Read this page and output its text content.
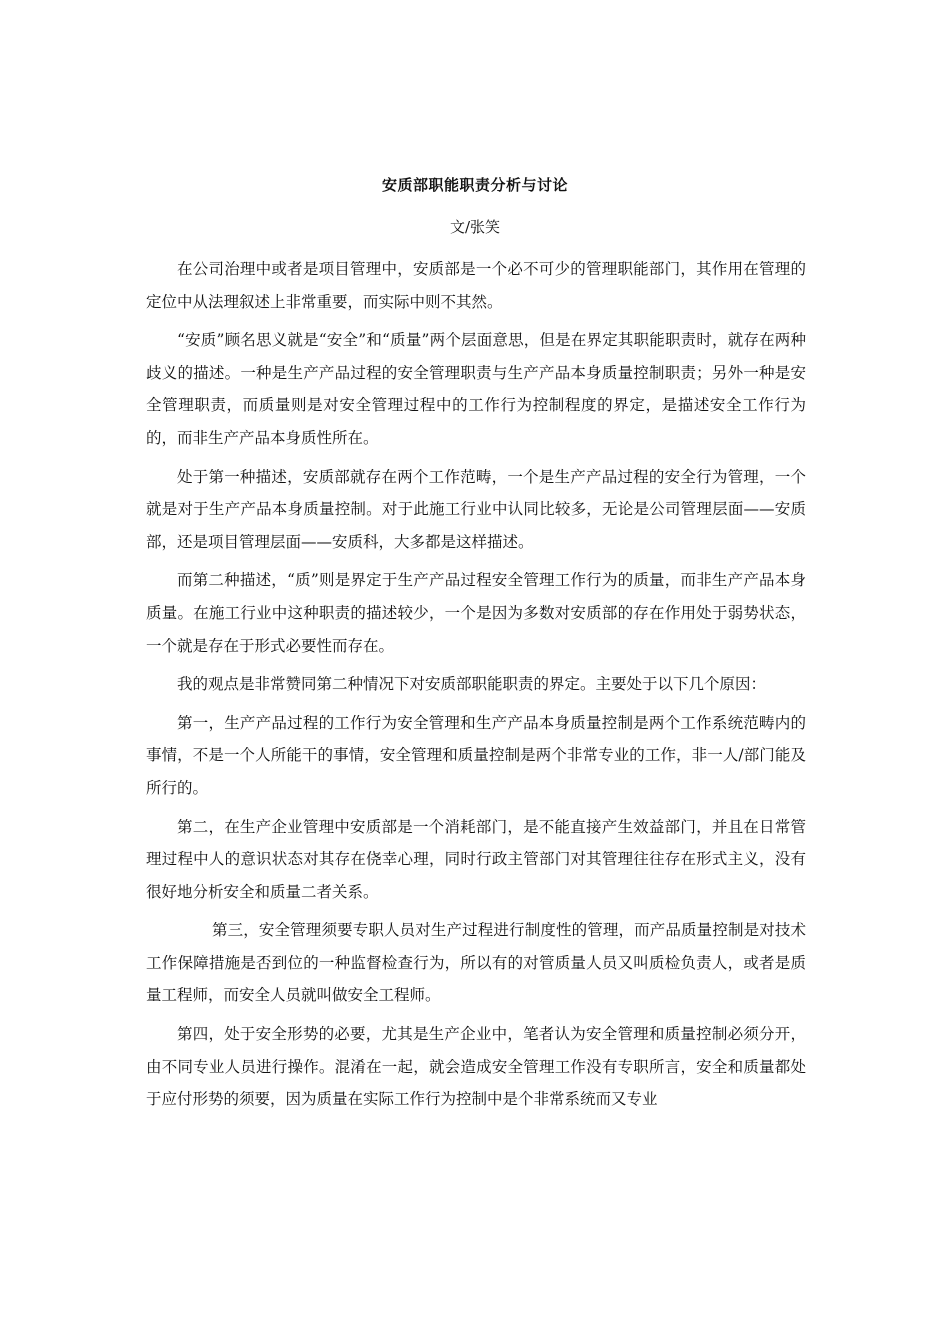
安质部职能职责分析与讨论
文/张笑

在公司治理中或者是项目管理中，安质部是一个必不可少的管理职能部门，其作用在管理的定位中从法理叙述上非常重要，而实际中则不其然。

“安质”顾名思义就是“安全”和“质量”两个层面意思，但是在界定其职能职责时，就存在两种歧义的描述。一种是生产产品过程的安全管理职责与生产产品本身质量控制职责；另外一种是安全管理职责，而质量则是对安全管理过程中的工作行为控制程度的界定，是描述安全工作行为的，而非生产产品本身质性所在。

处于第一种描述，安质部就存在两个工作范畴，一个是生产产品过程的安全行为管理，一个就是对于生产产品本身质量控制。对于此施工行业中认同比较多，无论是公司管理层面——安质部，还是项目管理层面——安质科，大多都是这样描述。

而第二种描述，“质”则是界定于生产产品过程安全管理工作行为的质量，而非生产产品本身质量。在施工行业中这种职责的描述较少，一个是因为多数对安质部的存在作用处于弱势状态，一个就是存在于形式必要性而存在。

我的观点是非常赞同第二种情况下对安质部职能职责的界定。主要处于以下几个原因：

第一，生产产品过程的工作行为安全管理和生产产品本身质量控制是两个工作系统范畴内的事情，不是一个人所能干的事情，安全管理和质量控制是两个非常专业的工作，非一人/部门能及所行的。

第二，在生产企业管理中安质部是一个消耗部门，是不能直接产生效益部门，并且在日常管理过程中人的意识状态对其存在侥幸心理，同时行政主管部门对其管理往往存在形式主义，没有很好地分析安全和质量二者关系。

第三，安全管理须要专职人员对生产过程进行制度性的管理，而产品质量控制是对技术工作保障措施是否到位的一种监督检查行为，所以有的对管质量人员又叫质检负责人，或者是质量工程师，而安全人员就叫做安全工程师。

第四，处于安全形势的必要，尤其是生产企业中，笔者认为安全管理和质量控制必须分开，由不同专业人员进行操作。混淆在一起，就会造成安全管理工作没有专职所言，安全和质量都处于应付形势的须要，因为质量在实际工作行为控制中是个非常系统而又专业
